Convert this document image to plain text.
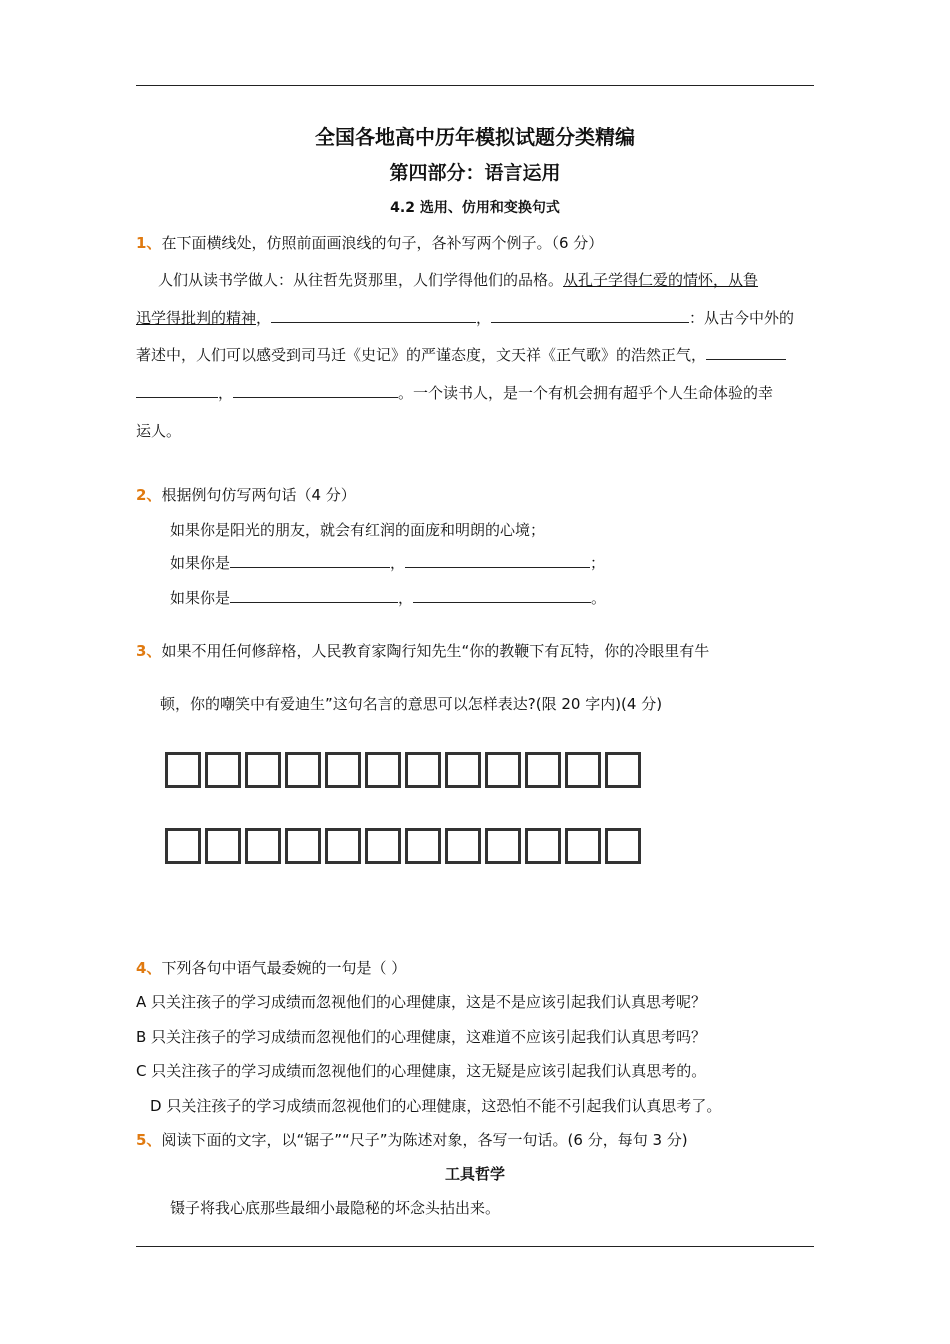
全国各地高中历年模拟试题分类精编
第四部分：语言运用
4.2 选用、仿用和变换句式
1、在下面横线处，仿照前面画浪线的句子，各补写两个例子。（6 分）
人们从读书学做人：从往哲先贤那里，人们学得他们的品格。从孔子学得仁爱的情怀，从鲁
迅学得批判的精神，	，	：从古今中外的
著述中，人们可以感受到司马迁《史记》的严谨态度，文天祥《正气歌》的浩然正气，
，	。一个读书人，是一个有机会拥有超乎个人生命体验的幸
运人。
2、根据例句仿写两句话（4 分）
如果你是阳光的朋友，就会有红润的面庞和明朗的心境；
如果你是	，	；
如果你是	，	。
3、如果不用任何修辞格，人民教育家陶行知先生“你的教鞭下有瓦特，你的冷眼里有牛
顿，你的嘲笑中有爱迪生”这句名言的意思可以怎样表达?(限 20 字内)(4 分)
4、下列各句中语气最委婉的一句是（ ）
A 只关注孩子的学习成绩而忽视他们的心理健康，这是不是应该引起我们认真思考呢？
B 只关注孩子的学习成绩而忽视他们的心理健康，这难道不应该引起我们认真思考吗？
C 只关注孩子的学习成绩而忽视他们的心理健康，这无疑是应该引起我们认真思考的。
D 只关注孩子的学习成绩而忽视他们的心理健康，这恐怕不能不引起我们认真思考了。
5、阅读下面的文字，以“锯子”“尺子”为陈述对象，各写一句话。(6 分，每句 3 分)
工具哲学
镊子将我心底那些最细小最隐秘的坏念头拈出来。
